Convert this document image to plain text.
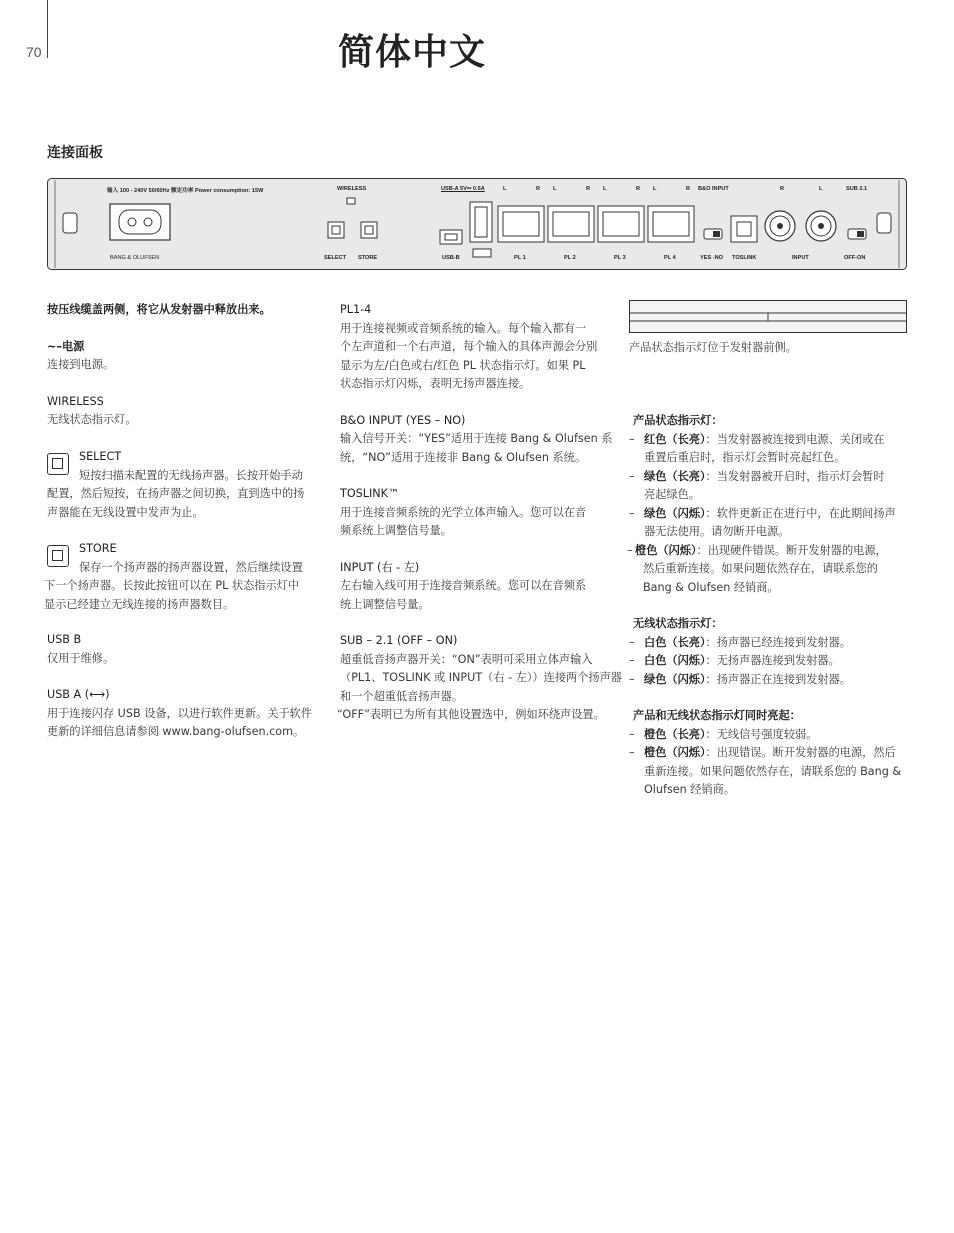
70	简体中文
连接面板
输入 100 - 240V 50/60Hz 额定功率 Power consumption: 15W	WIRELESS	USB-A 5V⎓ 0.5A	L	R L	R L	R L	R B&O INPUT	R	L	SUB 2.1
BANG & OLUFSEN	SELECT STORE	USB-B	PL 1	PL 2	PL 3	PL 4	YES -NO TOSLINK	INPUT	OFF-ON

按压线缆盖两侧，将它从发射器中释放出来。

~–电源

连接到电源。

WIRELESS

无线状态指示灯。

SELECT

短按扫描未配置的无线扬声器。长按开始手动

配置，然后短按，在扬声器之间切换，直到选中的扬

声器能在无线设置中发声为止。

STORE

保存一个扬声器的扬声器设置，然后继续设置

下一个扬声器。长按此按钮可以在 PL 状态指示灯中

显示已经建立无线连接的扬声器数目。

USB B

仅用于维修。

USB A (⟷)

用于连接闪存 USB 设备，以进行软件更新。关于软件

更新的详细信息请参阅 www.bang-olufsen.com。

PL1-4

用于连接视频或音频系统的输入。每个输入都有一

个左声道和一个右声道，每个输入的具体声源会分别

显示为左/白色或右/红色 PL 状态指示灯。如果 PL

状态指示灯闪烁，表明无扬声器连接。

B&O INPUT (YES – NO)

输入信号开关：“YES”适用于连接 Bang & Olufsen 系

统，“NO”适用于连接非 Bang & Olufsen 系统。

TOSLINK™

用于连接音频系统的光学立体声输入。您可以在音

频系统上调整信号量。

INPUT (右 - 左)

左右输入线可用于连接音频系统。您可以在音频系

统上调整信号量。

SUB – 2.1 (OFF – ON)

超重低音扬声器开关：“ON”表明可采用立体声输入

（PL1、TOSLINK 或 INPUT（右 - 左））连接两个扬声器

和一个超重低音扬声器。

“OFF”表明已为所有其他设置选中，例如环绕声设置。

产品状态指示灯位于发射器前侧。

产品状态指示灯：

– 红色（长亮）：当发射器被连接到电源、关闭或在
重置后重启时，指示灯会暂时亮起红色。
– 绿色（长亮）：当发射器被开启时，指示灯会暂时
亮起绿色。
– 绿色（闪烁）：软件更新正在进行中，在此期间扬声
器无法使用。请勿断开电源。
– 橙色（闪烁）：出现硬件错误。断开发射器的电源，
然后重新连接。如果问题依然存在，请联系您的
Bang & Olufsen 经销商。

无线状态指示灯：

– 白色（长亮）：扬声器已经连接到发射器。
– 白色（闪烁）：无扬声器连接到发射器。
– 绿色（闪烁）：扬声器正在连接到发射器。

产品和无线状态指示灯同时亮起：

– 橙色（长亮）：无线信号强度较弱。
– 橙色（闪烁）：出现错误。断开发射器的电源，然后
重新连接。如果问题依然存在，请联系您的 Bang &
Olufsen 经销商。
